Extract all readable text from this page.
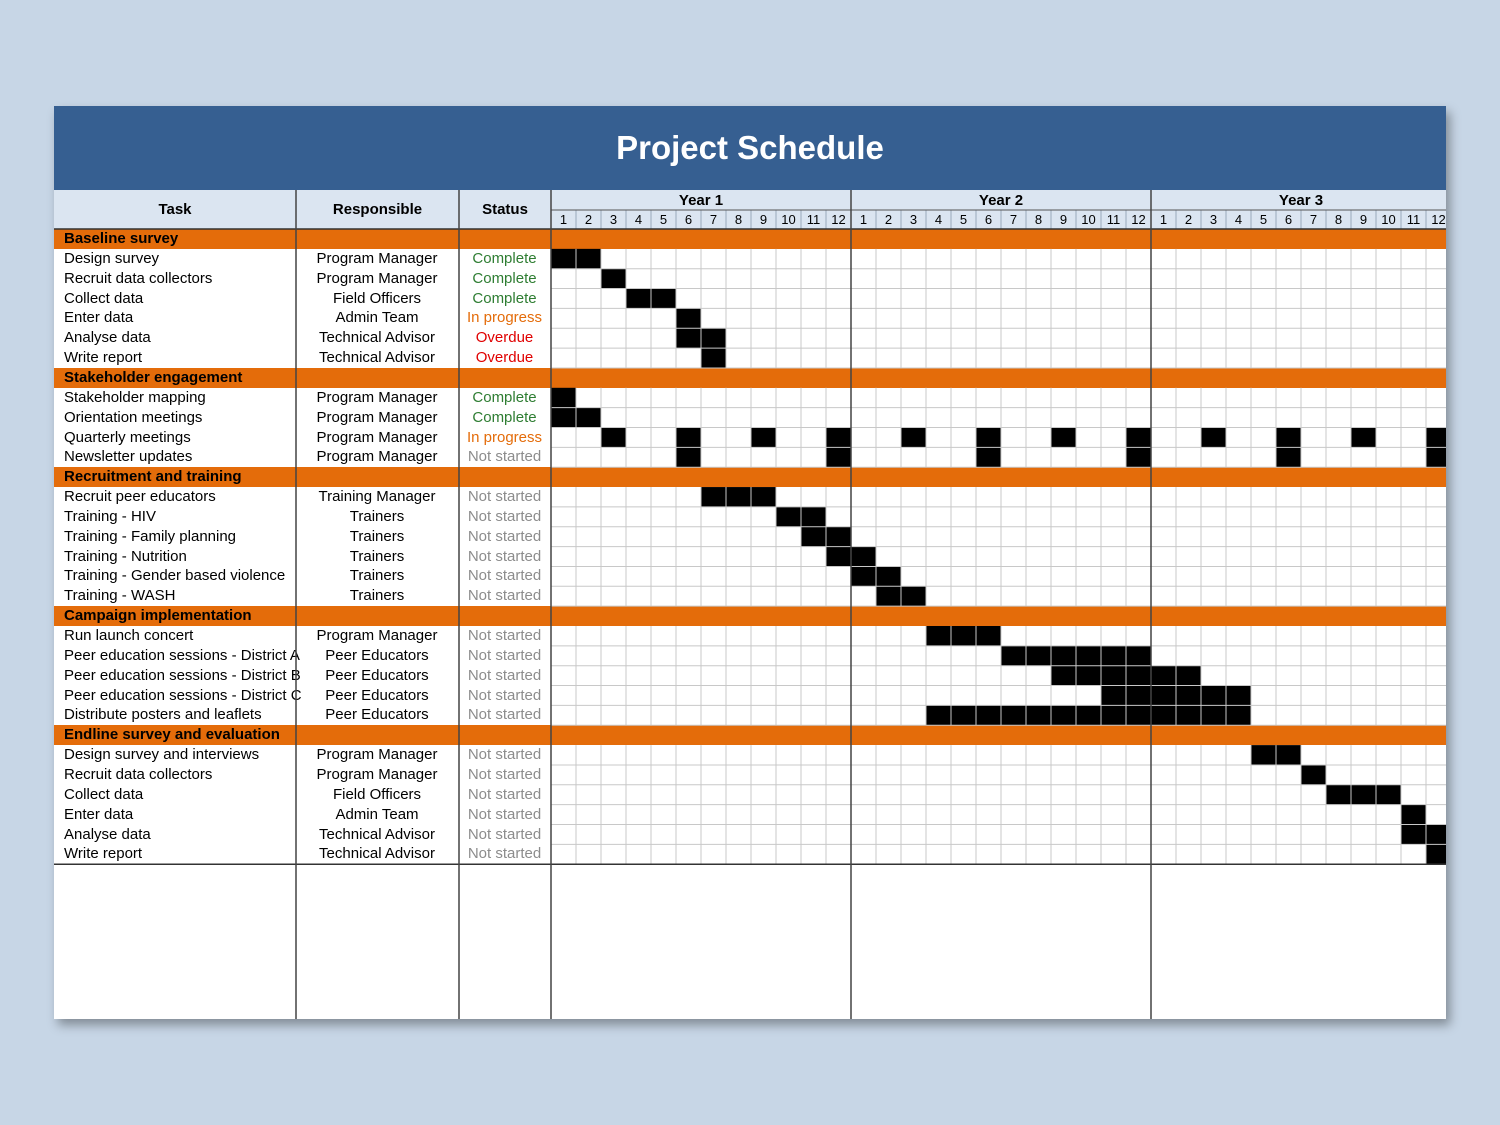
Project Schedule
Task	Responsible	Status
Year 1	Year 2	Year 3
1	2	3	4	5	6	7	8	9	10 11 12	1	2	3	4	5	6	7	8	9	10 11 12	1	2	3	4	5	6	7	8	9	10 11 12
Baseline survey
Design survey	Program Manager	Complete
Recruit data collectors	Program Manager	Complete
Collect data	Field Officers	Complete
Enter data	Admin Team	In progress
Analyse data	Technical Advisor	Overdue
Write report	Technical Advisor	Overdue
Stakeholder engagement
Stakeholder mapping	Program Manager	Complete
Orientation meetings	Program Manager	Complete
Quarterly meetings	Program Manager	In progress
Newsletter updates	Program Manager	Not started
Recruitment and training
Recruit peer educators	Training Manager	Not started
Training - HIV	Trainers	Not started
Training - Family planning	Trainers	Not started
Training - Nutrition	Trainers	Not started
Training - Gender based violence	Trainers	Not started
Training - WASH	Trainers	Not started
Campaign implementation
Run launch concert	Program Manager	Not started
Peer education sessions - District A	Peer Educators	Not started
Peer education sessions - District B	Peer Educators	Not started
Peer education sessions - District C	Peer Educators	Not started
Distribute posters and leaflets	Peer Educators	Not started
Endline survey and evaluation
Design survey and interviews	Program Manager	Not started
Recruit data collectors	Program Manager	Not started
Collect data	Field Officers	Not started
Enter data	Admin Team	Not started
Analyse data	Technical Advisor	Not started
Write report	Technical Advisor	Not started
